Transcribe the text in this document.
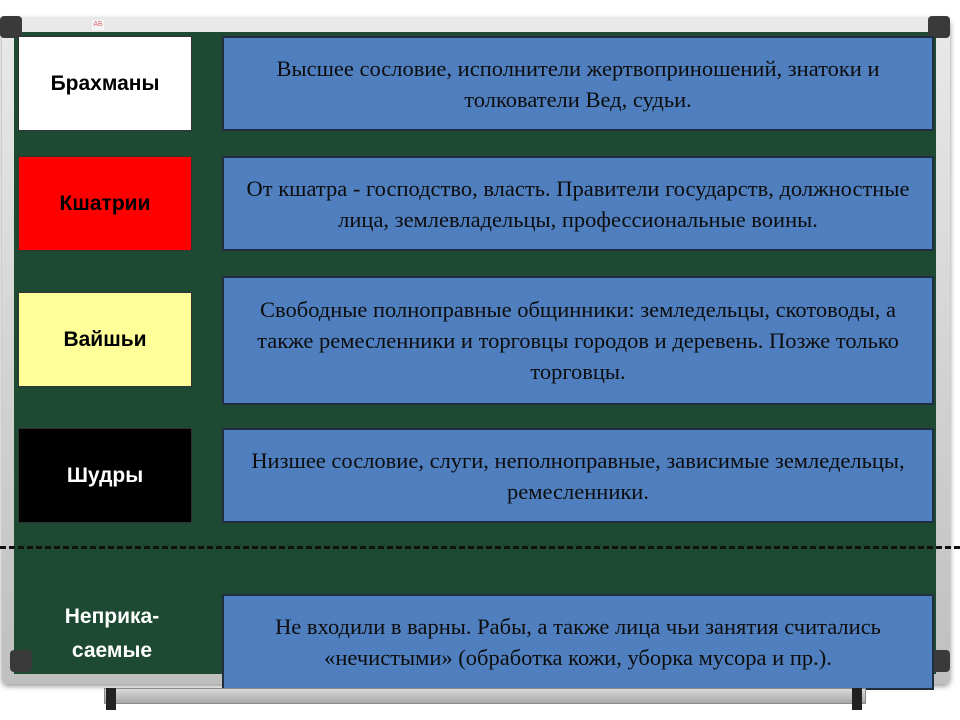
АБ
Брахманы
Высшее сословие, исполнители жертвоприношений, знатоки и толкователи Вед, судьи.
Кшатрии
От кшатра - господство, власть. Правители государств, должностные лица, землевладельцы, профессиональные воины.
Вайшьи
Свободные полноправные общинники: земледельцы, скотоводы, а также ремесленники и торговцы городов и деревень. Позже только торговцы.
Шудры
Низшее сословие, слуги, неполноправные, зависимые земледельцы, ремесленники.
Неприка-
саемые
Не входили в варны. Рабы, а также лица чьи занятия считались «нечистыми» (обработка кожи, уборка мусора и пр.).
